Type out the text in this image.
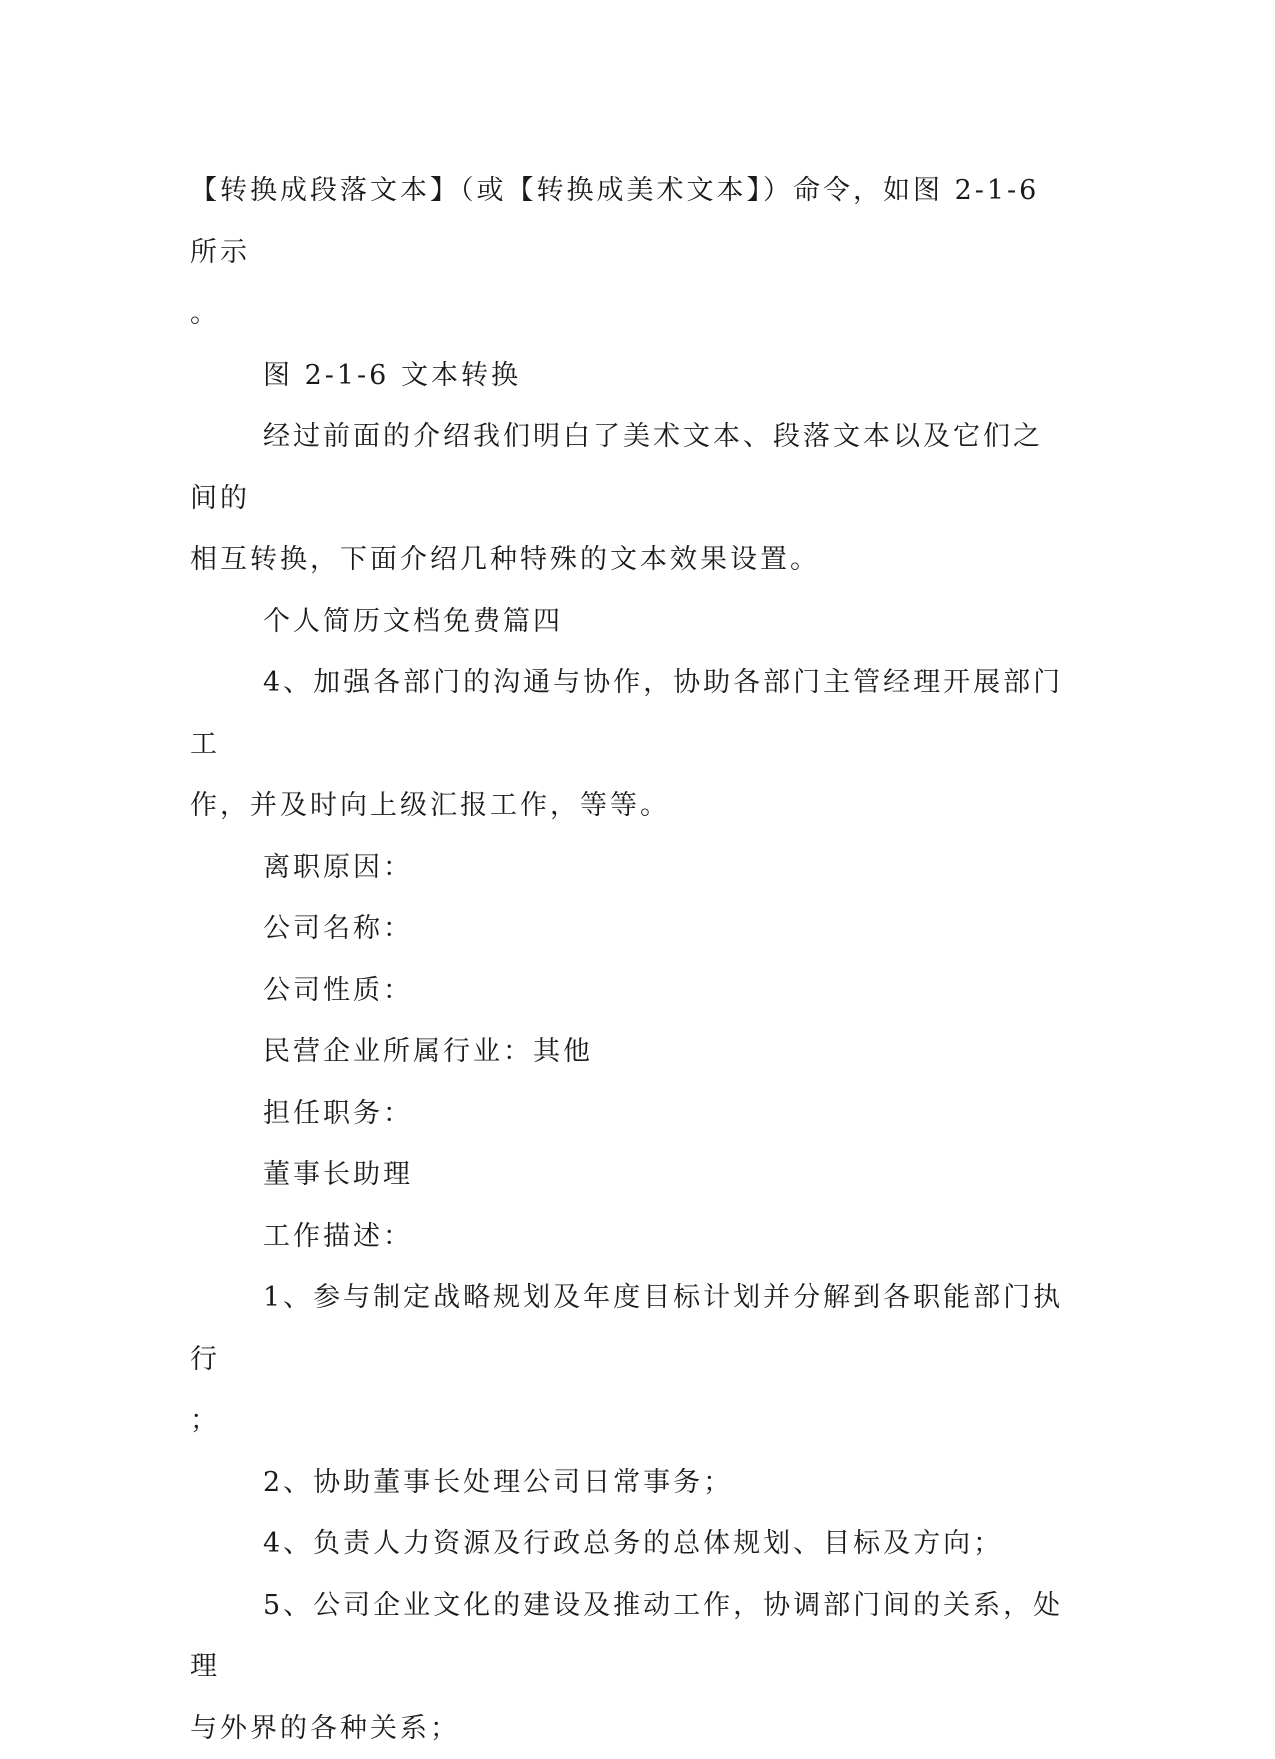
【转换成段落文本】（或【转换成美术文本】）命令，如图 2-1-6 所示
。
图 2-1-6 文本转换
经过前面的介绍我们明白了美术文本、段落文本以及它们之间的
相互转换，下面介绍几种特殊的文本效果设置。
个人简历文档免费篇四
4、加强各部门的沟通与协作，协助各部门主管经理开展部门工
作，并及时向上级汇报工作，等等。
离职原因：
公司名称：
公司性质：
民营企业所属行业：其他
担任职务：
董事长助理
工作描述：
1、参与制定战略规划及年度目标计划并分解到各职能部门执行
；
2、协助董事长处理公司日常事务；
4、负责人力资源及行政总务的总体规划、目标及方向；
5、公司企业文化的建设及推动工作，协调部门间的关系，处理
与外界的各种关系；
